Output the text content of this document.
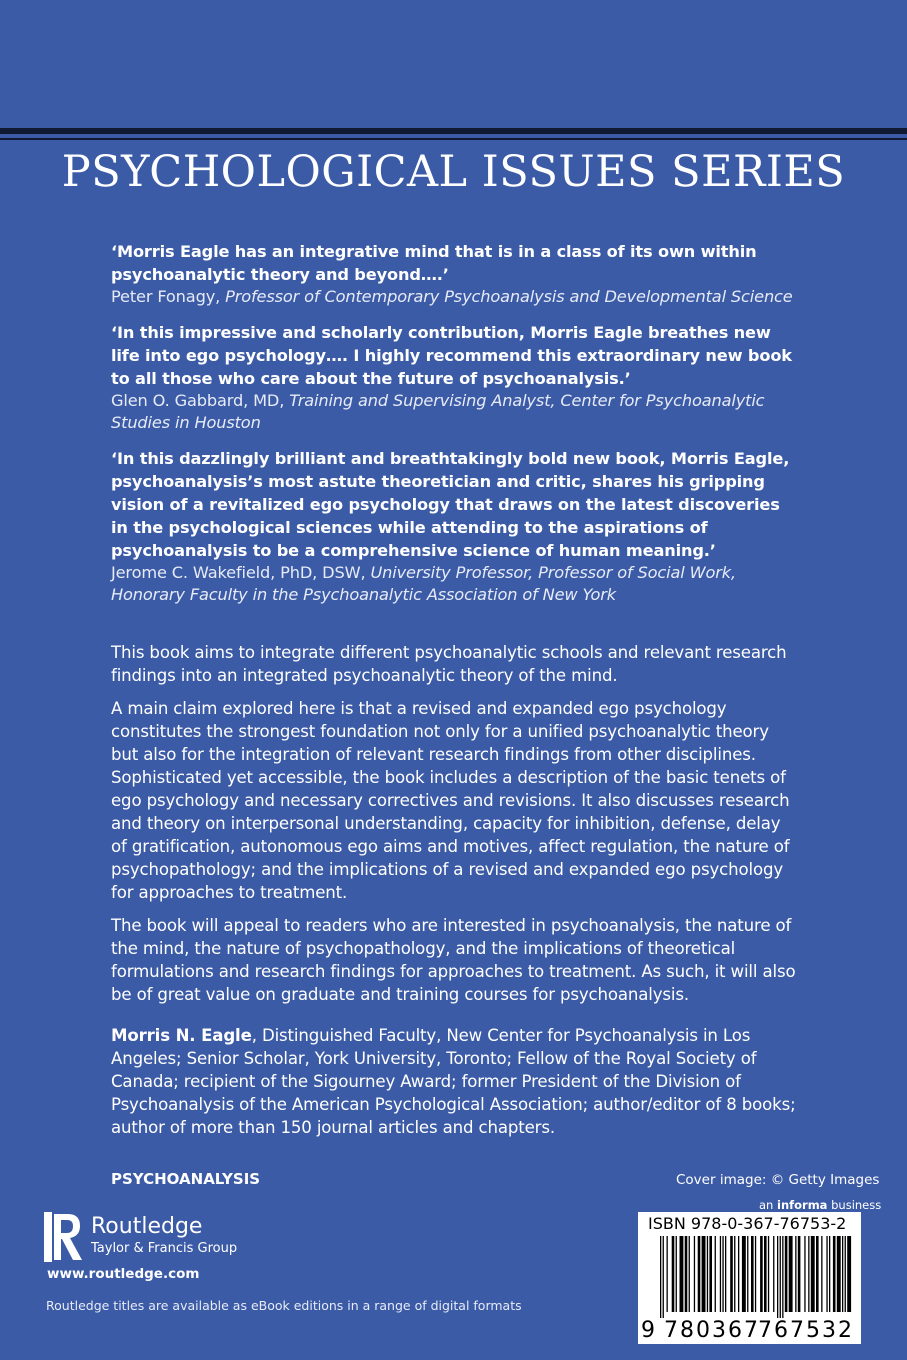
PSYCHOLOGICAL ISSUES SERIES
‘Morris Eagle has an integrative mind that is in a class of its own within psychoanalytic theory and beyond….’
Peter Fonagy, Professor of Contemporary Psychoanalysis and Developmental Science
‘In this impressive and scholarly contribution, Morris Eagle breathes new life into ego psychology…. I highly recommend this extraordinary new book to all those who care about the future of psychoanalysis.’
Glen O. Gabbard, MD, Training and Supervising Analyst, Center for Psychoanalytic Studies in Houston
‘In this dazzlingly brilliant and breathtakingly bold new book, Morris Eagle, psychoanalysis’s most astute theoretician and critic, shares his gripping vision of a revitalized ego psychology that draws on the latest discoveries in the psychological sciences while attending to the aspirations of psychoanalysis to be a comprehensive science of human meaning.’
Jerome C. Wakefield, PhD, DSW, University Professor, Professor of Social Work, Honorary Faculty in the Psychoanalytic Association of New York

This book aims to integrate different psychoanalytic schools and relevant research findings into an integrated psychoanalytic theory of the mind.

A main claim explored here is that a revised and expanded ego psychology constitutes the strongest foundation not only for a unified psychoanalytic theory but also for the integration of relevant research findings from other disciplines. Sophisticated yet accessible, the book includes a description of the basic tenets of ego psychology and necessary correctives and revisions. It also discusses research and theory on interpersonal understanding, capacity for inhibition, defense, delay of gratification, autonomous ego aims and motives, affect regulation, the nature of psychopathology; and the implications of a revised and expanded ego psychology for approaches to treatment.

The book will appeal to readers who are interested in psychoanalysis, the nature of the mind, the nature of psychopathology, and the implications of theoretical formulations and research findings for approaches to treatment. As such, it will also be of great value on graduate and training courses for psychoanalysis.

Morris N. Eagle, Distinguished Faculty, New Center for Psychoanalysis in Los Angeles; Senior Scholar, York University, Toronto; Fellow of the Royal Society of Canada; recipient of the Sigourney Award; former President of the Division of Psychoanalysis of the American Psychological Association; author/editor of 8 books; author of more than 150 journal articles and chapters.

PSYCHOANALYSIS	Cover image: © Getty Images
an informa business
Routledge
Taylor & Francis Group
www.routledge.com
Routledge titles are available as eBook editions in a range of digital formats
ISBN 978-0-367-76753-2
9 780367
767532
